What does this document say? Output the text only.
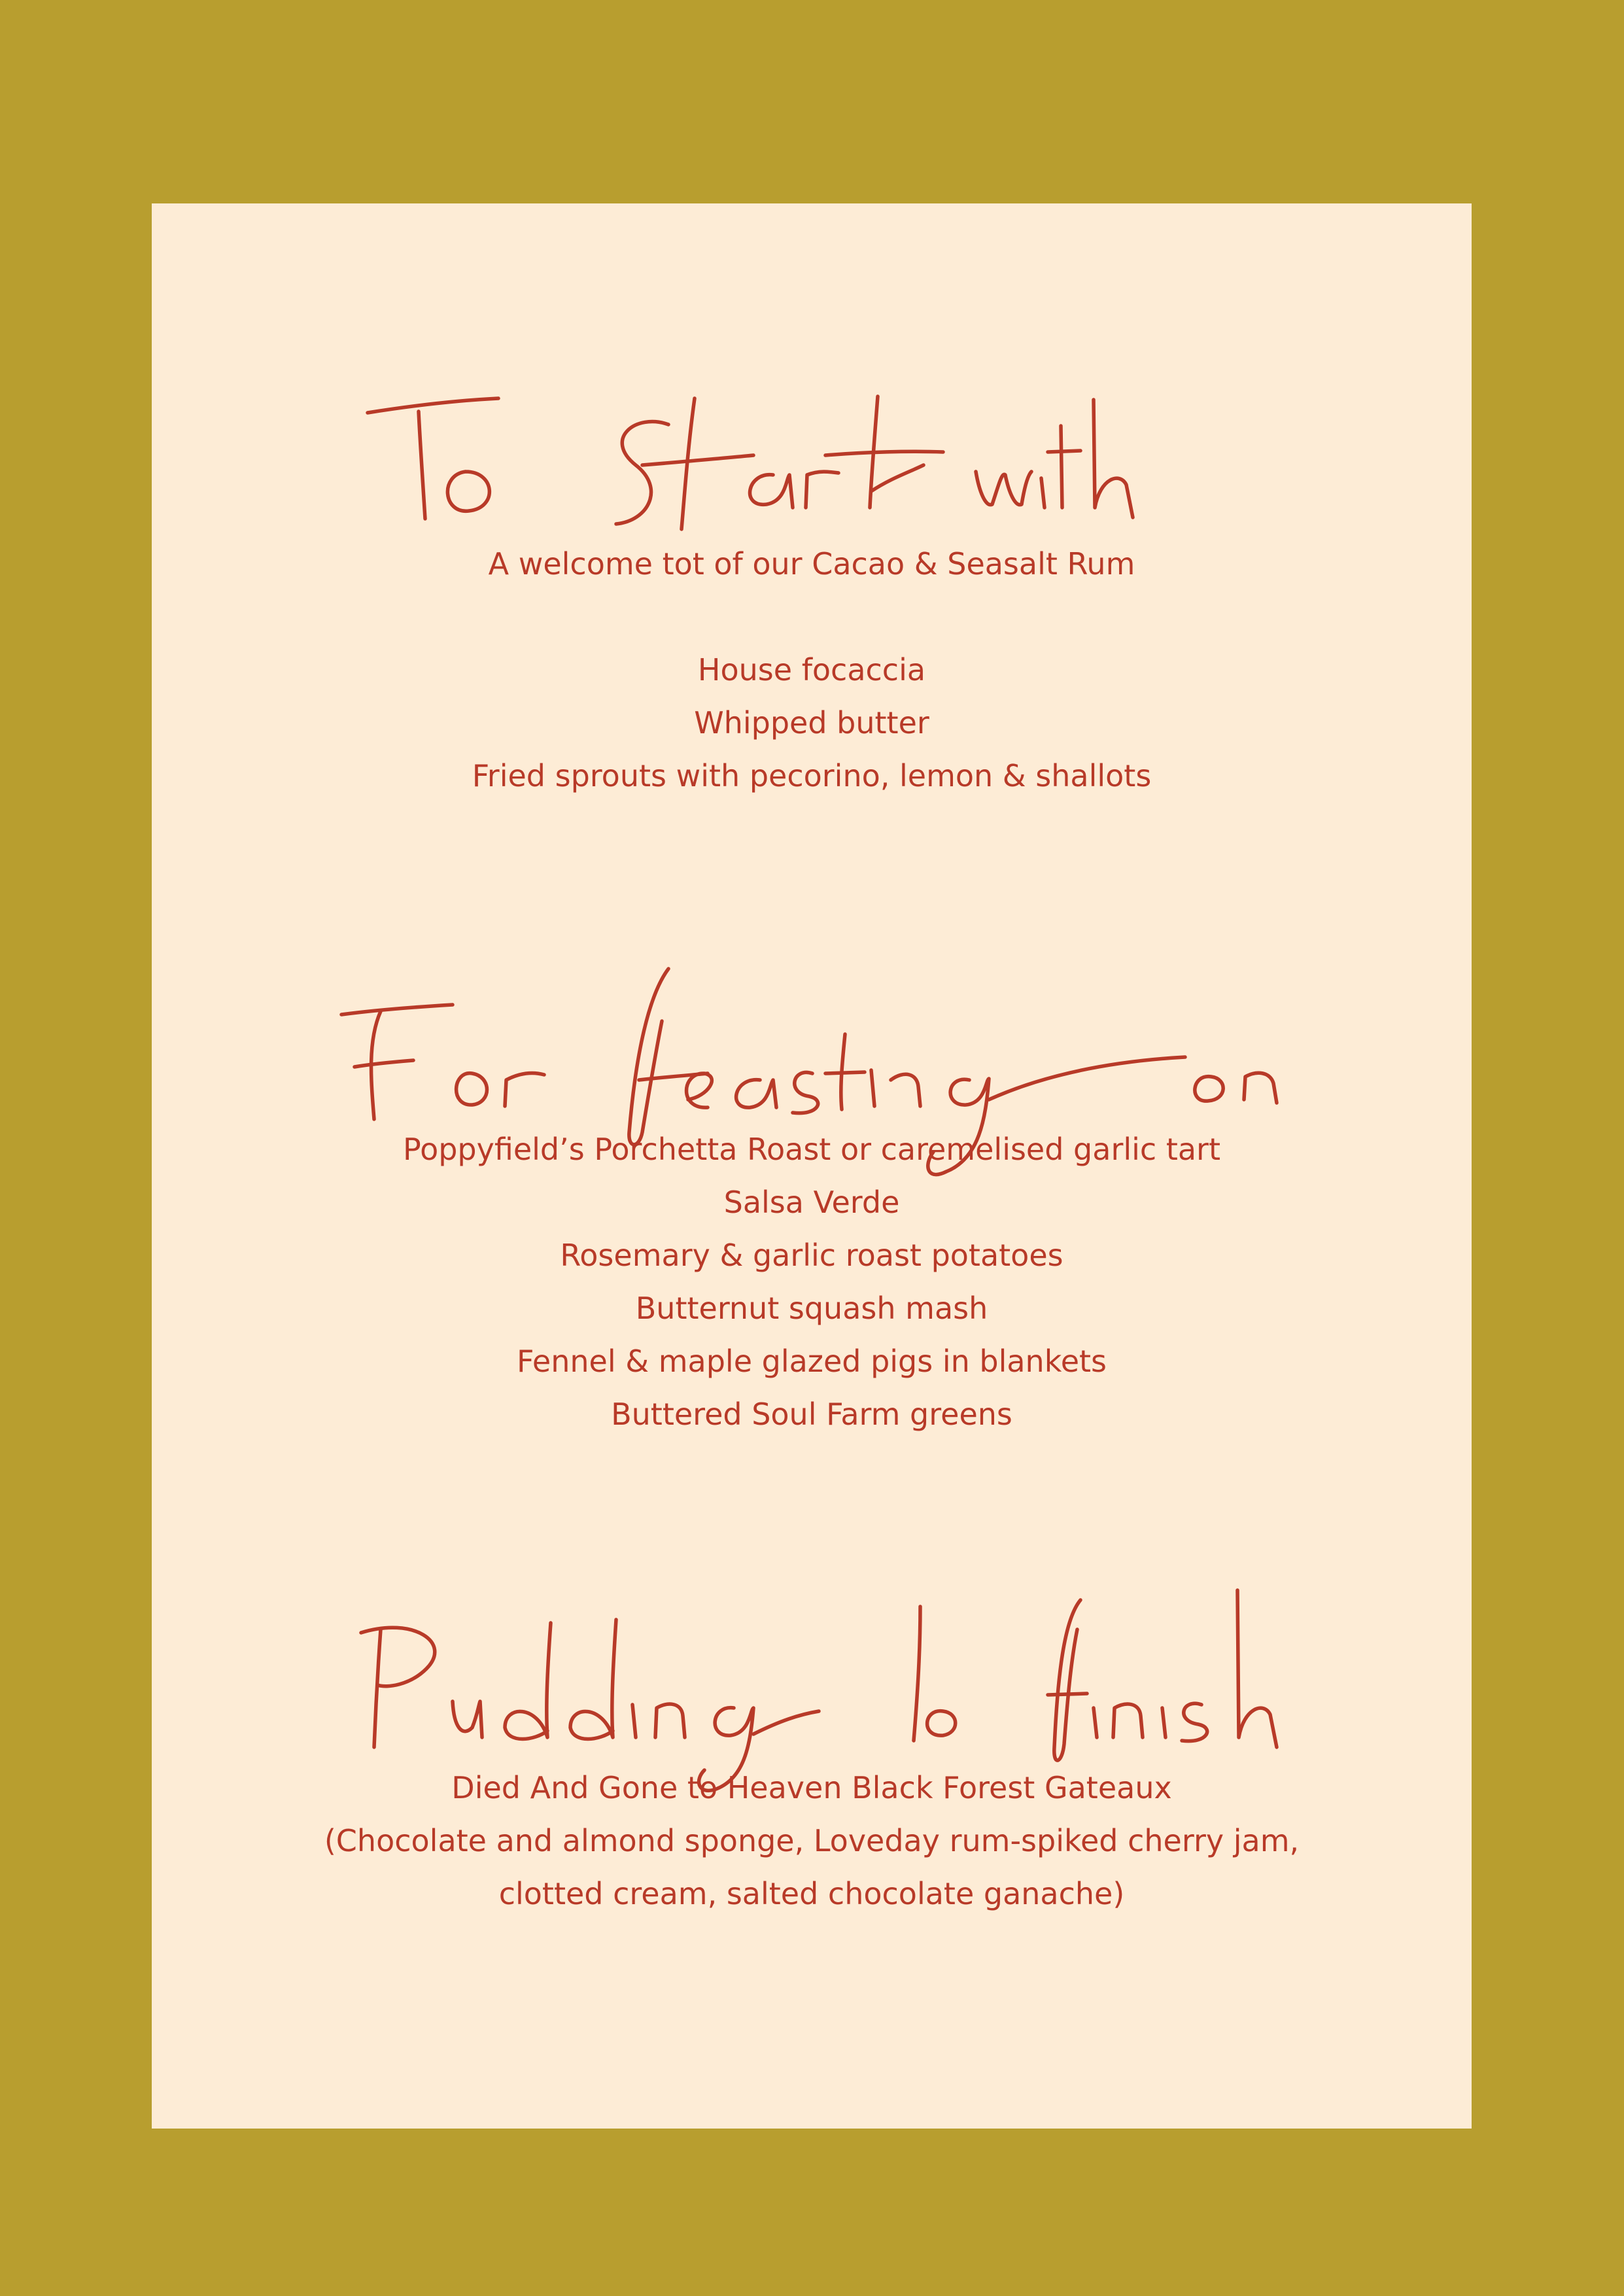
A welcome tot of our Cacao & Seasalt Rum
House focaccia
Whipped butter
Fried sprouts with pecorino, lemon & shallots
Poppyfield’s Porchetta Roast or caremelised garlic tart
Salsa Verde
Rosemary & garlic roast potatoes
Butternut squash mash
Fennel & maple glazed pigs in blankets
Buttered Soul Farm greens
Died And Gone to Heaven Black Forest Gateaux
(Chocolate and almond sponge, Loveday rum-spiked cherry jam,
clotted cream, salted chocolate ganache)
